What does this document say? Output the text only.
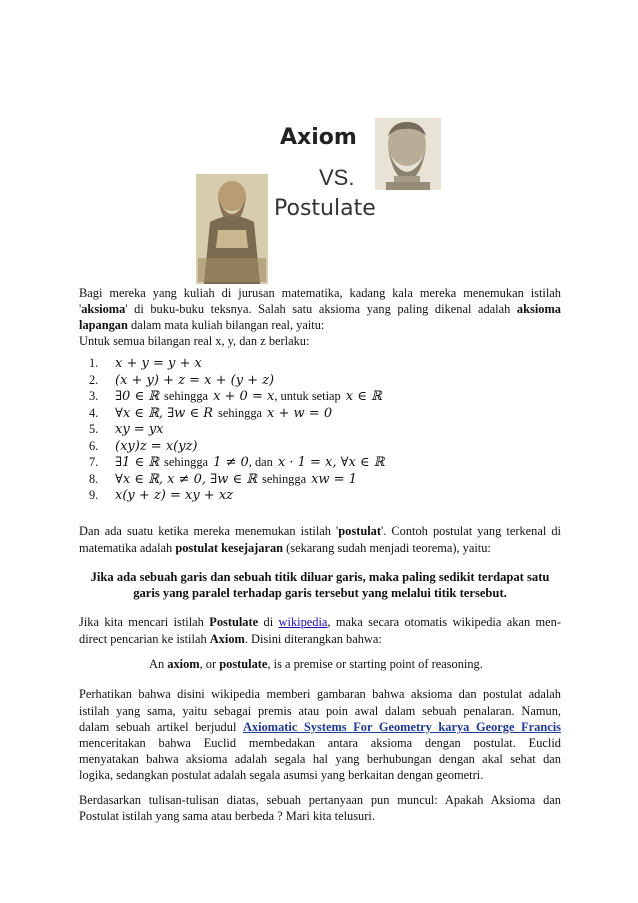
Axiom
VS.
Postulate
Bagi mereka yang kuliah di jurusan matematika, kadang kala mereka menemukan istilah
'aksioma' di buku-buku teksnya. Salah satu aksioma yang paling dikenal adalah aksioma
lapangan dalam mata kuliah bilangan real, yaitu:
Untuk semua bilangan real x, y, dan z berlaku:
1. x + y = y + x
2. (x + y) + z = x + (y + z)
3. ∃0 ∈ ℝ sehingga x + 0 = x, untuk setiap x ∈ ℝ
4. ∀x ∈ ℝ, ∃w ∈ R sehingga x + w = 0
5. xy = yx
6. (xy)z = x(yz)
7. ∃1 ∈ ℝ sehingga 1 ≠ 0, dan x · 1 = x, ∀x ∈ ℝ
8. ∀x ∈ ℝ, x ≠ 0, ∃w ∈ ℝ sehingga xw = 1
9. x(y + z) = xy + xz
Dan ada suatu ketika mereka menemukan istilah 'postulat'. Contoh postulat yang terkenal di
matematika adalah postulat kesejajaran (sekarang sudah menjadi teorema), yaitu:
Jika ada sebuah garis dan sebuah titik diluar garis, maka paling sedikit terdapat satu
garis yang paralel terhadap garis tersebut yang melalui titik tersebut.
Jika kita mencari istilah Postulate di wikipedia, maka secara otomatis wikipedia akan men-
direct pencarian ke istilah Axiom. Disini diterangkan bahwa:
An axiom, or postulate, is a premise or starting point of reasoning.
Perhatikan bahwa disini wikipedia memberi gambaran bahwa aksioma dan postulat adalah
istilah yang sama, yaitu sebagai premis atau poin awal dalam sebuah penalaran. Namun,
dalam sebuah artikel berjudul Axiomatic Systems For Geometry karya George Francis
menceritakan bahwa Euclid membedakan antara aksioma dengan postulat. Euclid
menyatakan bahwa aksioma adalah segala hal yang berhubungan dengan akal sehat dan
logika, sedangkan postulat adalah segala asumsi yang berkaitan dengan geometri.
Berdasarkan tulisan-tulisan diatas, sebuah pertanyaan pun muncul: Apakah Aksioma dan
Postulat istilah yang sama atau berbeda ? Mari kita telusuri.
